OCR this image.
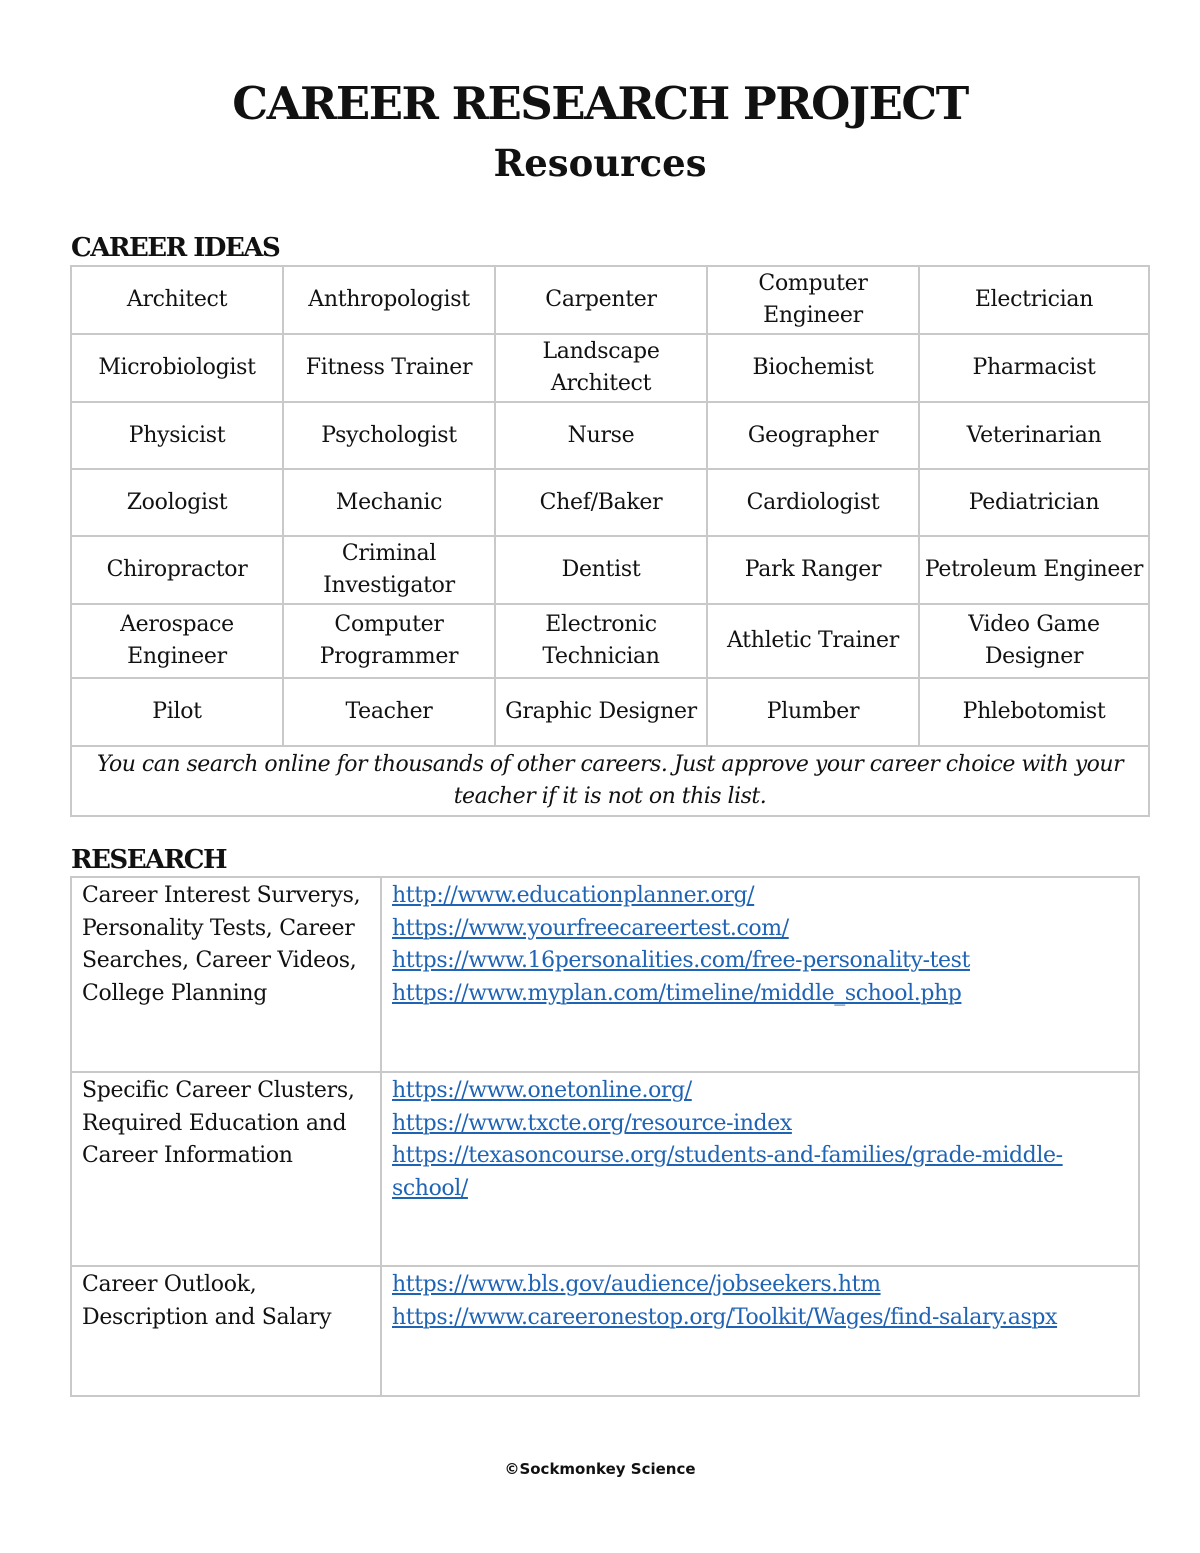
CAREER RESEARCH PROJECT
Resources
CAREER IDEAS
Architect	Anthropologist	Carpenter	Computer Engineer	Electrician
Microbiologist	Fitness Trainer	Landscape Architect	Biochemist	Pharmacist
Physicist	Psychologist	Nurse	Geographer	Veterinarian
Zoologist	Mechanic	Chef/Baker	Cardiologist	Pediatrician
Chiropractor	Criminal Investigator	Dentist	Park Ranger	Petroleum Engineer
Aerospace Engineer	Computer Programmer	Electronic Technician	Athletic Trainer	Video Game Designer
Pilot	Teacher	Graphic Designer	Plumber	Phlebotomist
You can search online for thousands of other careers. Just approve your career choice with your teacher if it is not on this list.				
RESEARCH
Career Interest Surverys, Personality Tests, Career Searches, Career Videos, College Planning	http://www.educationplanner.org/
https://www.yourfreecareertest.com/
https://www.16personalities.com/free-personality-test
https://www.myplan.com/timeline/middle_school.php

Specific Career Clusters, Required Education and Career Information	https://www.onetonline.org/
https://www.txcte.org/resource-index
https://texasoncourse.org/students-and-families/grade-middle-school/

Career Outlook, Description and Salary	https://www.bls.gov/audience/jobseekers.htm
https://www.careeronestop.org/Toolkit/Wages/find-salary.aspx

©Sockmonkey Science
